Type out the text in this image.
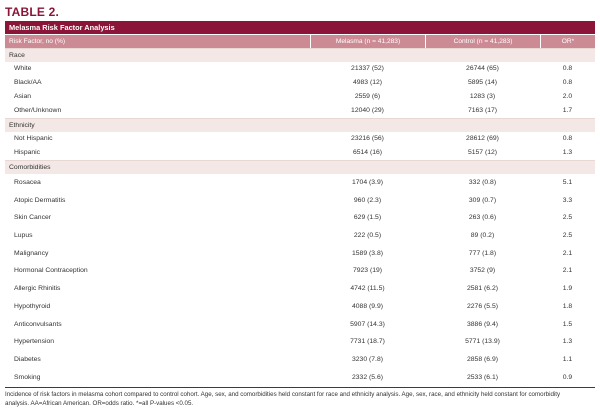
TABLE 2.
Melasma Risk Factor Analysis
Risk Factor, no (%)	Melasma (n = 41,283)	Control (n = 41,283)	OR*
Race
White	21337 (52)	26744 (65)	0.8
Black/AA	4983 (12)	5895 (14)	0.8
Asian	2559 (6)	1283 (3)	2.0
Other/Unknown	12040 (29)	7163 (17)	1.7
Ethnicity
Not Hispanic	23216 (56)	28612 (69)	0.8
Hispanic	6514 (16)	5157 (12)	1.3
Comorbidities
Rosacea	1704 (3.9)	332 (0.8)	5.1
Atopic Dermatitis	960 (2.3)	309 (0.7)	3.3
Skin Cancer	629 (1.5)	263 (0.6)	2.5
Lupus	222 (0.5)	89 (0.2)	2.5
Malignancy	1589 (3.8)	777 (1.8)	2.1
Hormonal Contraception	7923 (19)	3752 (9)	2.1
Allergic Rhinitis	4742 (11.5)	2581 (6.2)	1.9
Hypothyroid	4088 (9.9)	2276 (5.5)	1.8
Anticonvulsants	5907 (14.3)	3886 (9.4)	1.5
Hypertension	7731 (18.7)	5771 (13.9)	1.3
Diabetes	3230 (7.8)	2858 (6.9)	1.1
Smoking	2332 (5.6)	2533 (6.1)	0.9
Incidence of risk factors in melasma cohort compared to control cohort. Age, sex, and comorbidities held constant for race and ethnicity analysis. Age, sex, race, and ethnicity held constant for comorbidity analysis. AA=African American. OR=odds ratio. *=all P-values <0.05.
